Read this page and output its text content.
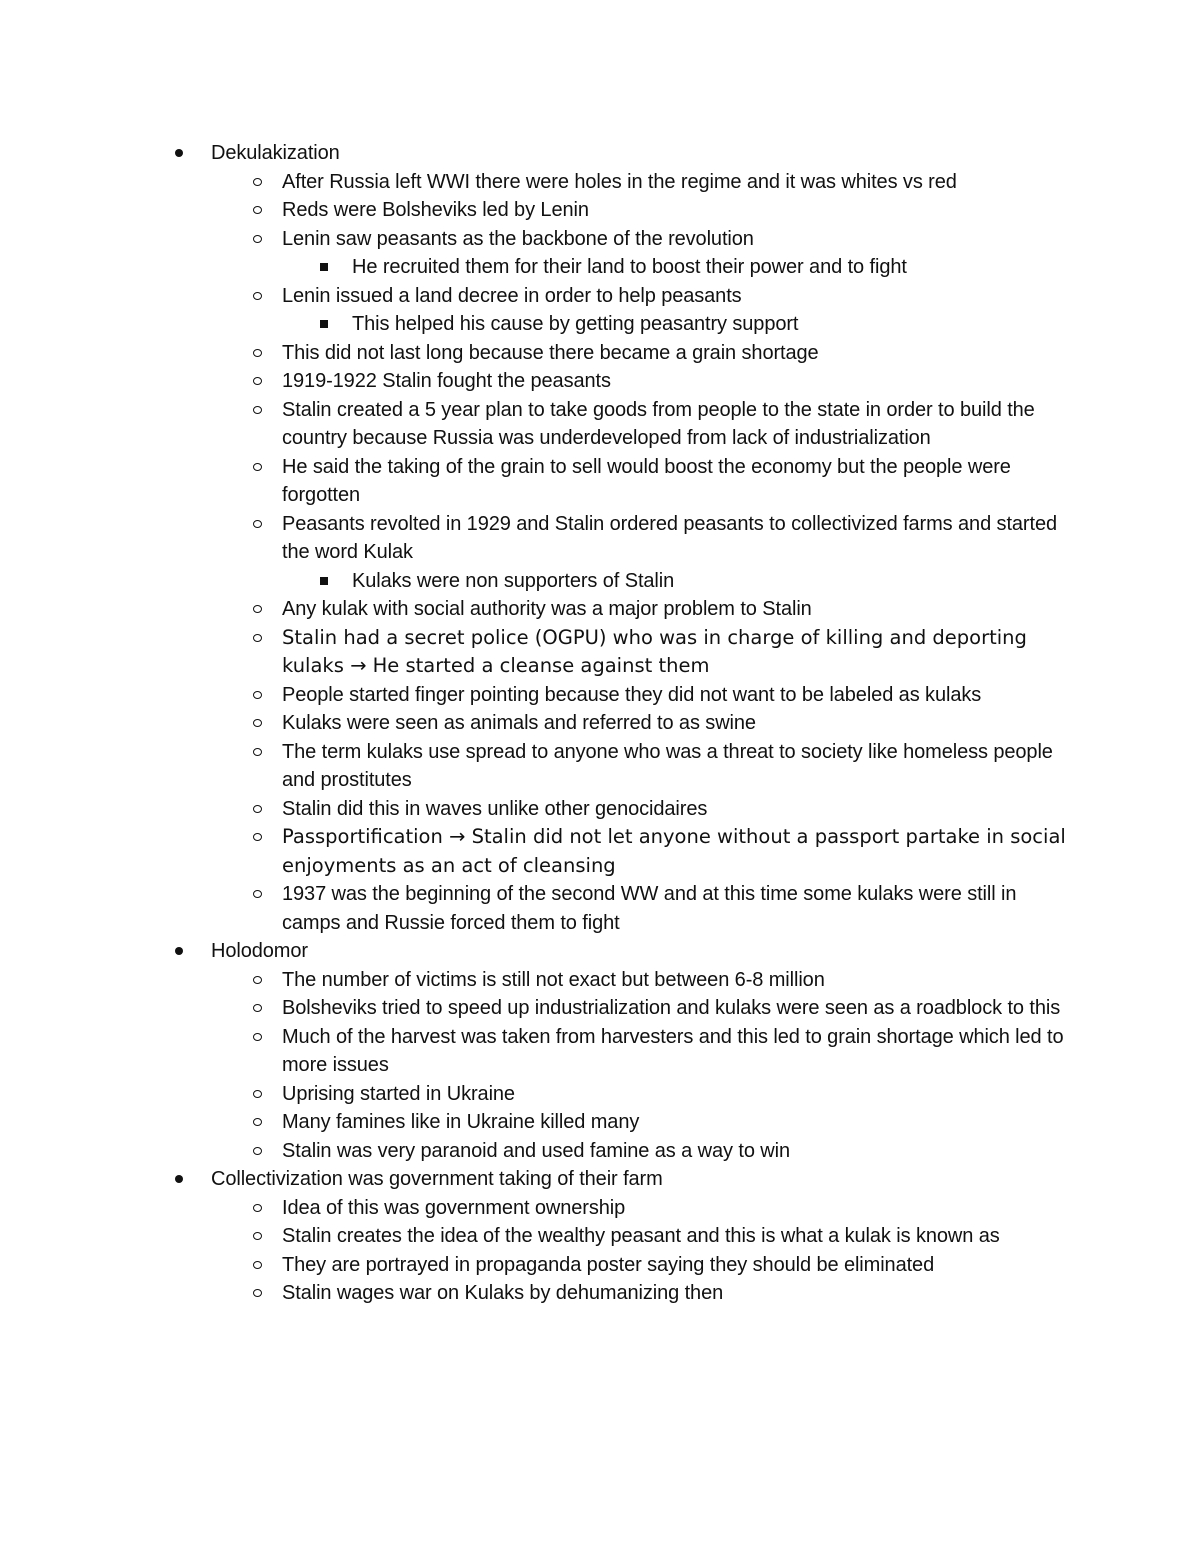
Dekulakization
After Russia left WWI there were holes in the regime and it was whites vs red
Reds were Bolsheviks led by Lenin
Lenin saw peasants as the backbone of the revolution
He recruited them for their land to boost their power and to fight
Lenin issued a land decree in order to help peasants
This helped his cause by getting peasantry support
This did not last long because there became a grain shortage
1919-1922 Stalin fought the peasants
Stalin created a 5 year plan to take goods from people to the state in order to build the country because Russia was underdeveloped from lack of industrialization
He said the taking of the grain to sell would boost the economy but the people were forgotten
Peasants revolted in 1929 and Stalin ordered peasants to collectivized farms and started the word Kulak
Kulaks were non supporters of Stalin
Any kulak with social authority was a major problem to Stalin
Stalin had a secret police (OGPU) who was in charge of killing and deporting kulaks → He started a cleanse against them
People started finger pointing because they did not want to be labeled as kulaks
Kulaks were seen as animals and referred to as swine
The term kulaks use spread to anyone who was a threat to society like homeless people and prostitutes
Stalin did this in waves unlike other genocidaires
Passportification → Stalin did not let anyone without a passport partake in social enjoyments as an act of cleansing
1937 was the beginning of the second WW and at this time some kulaks were still in camps and Russie forced them to fight
Holodomor
The number of victims is still not exact but between 6-8 million
Bolsheviks tried to speed up industrialization and kulaks were seen as a roadblock to this
Much of the harvest was taken from harvesters and this led to grain shortage which led to more issues
Uprising started in Ukraine
Many famines like in Ukraine killed many
Stalin was very paranoid and used famine as a way to win
Collectivization was government taking of their farm
Idea of this was government ownership
Stalin creates the idea of the wealthy peasant and this is what a kulak is known as
They are portrayed in propaganda poster saying they should be eliminated
Stalin wages war on Kulaks by dehumanizing then
